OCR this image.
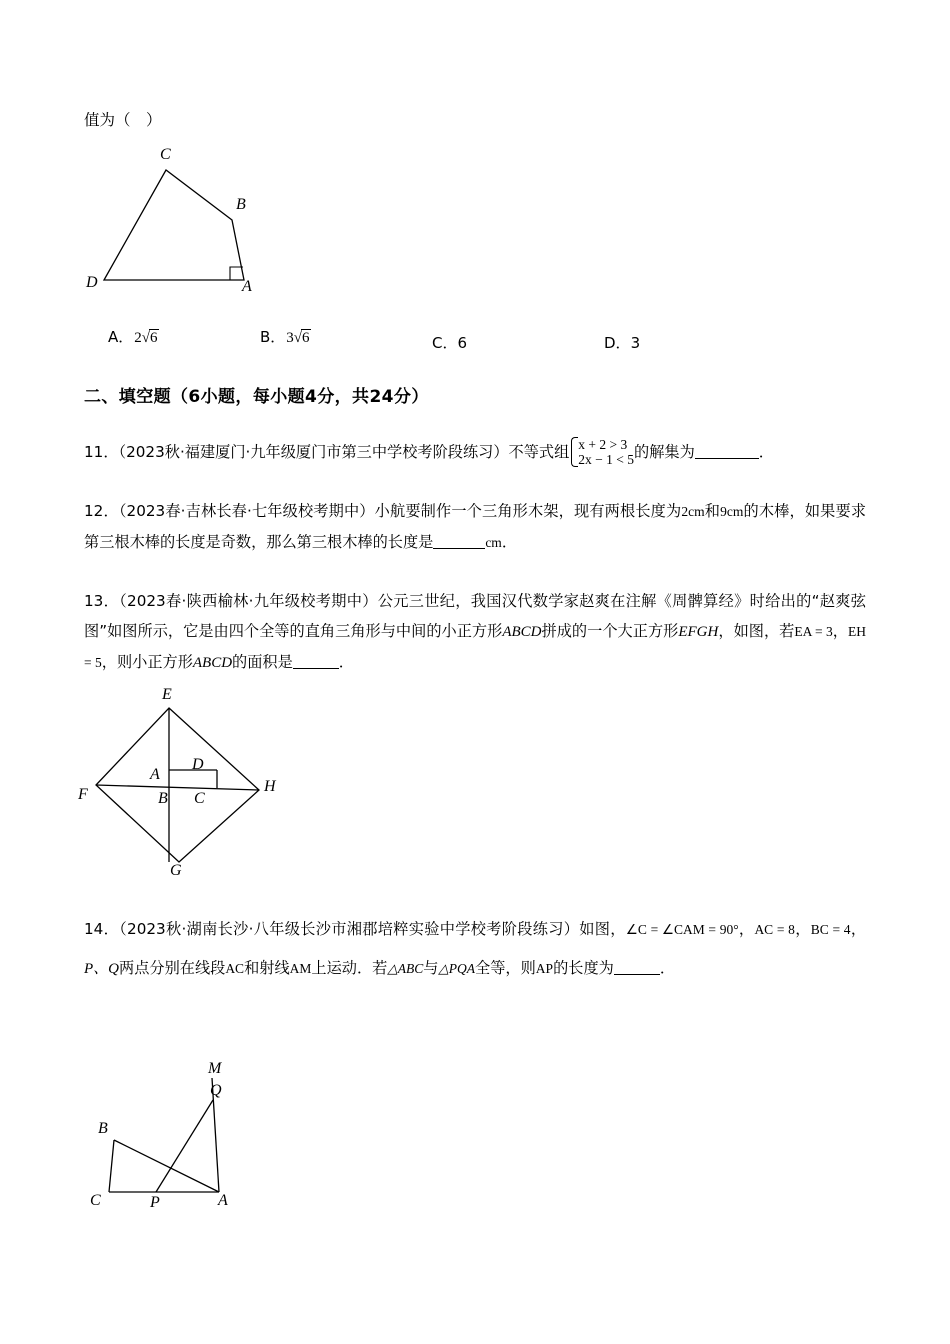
值为（　）
C
B
D	A
A．2√6	B．3√6	C．6	D．3
二、填空题（6小题，每小题4分，共24分）
11．（2023秋·福建厦门·九年级厦门市第三中学校考阶段练习）不等式组 x + 2 > 3
2x − 1 < 5 的解集为	．
12．（2023春·吉林长春·七年级校考期中）小航要制作一个三角形木架，现有两根长度为2cm和9cm的木棒，如果要求第三根木棒的长度是奇数，那么第三根木棒的长度是	cm．
13．（2023春·陕西榆林·九年级校考期中）公元三世纪，我国汉代数学家赵爽在注解《周髀算经》时给出的“赵爽弦图”如图所示，它是由四个全等的直角三角形与中间的小正方形ABCD拼成的一个大正方形EFGH，如图，若EA = 3，EH = 5，则小正方形ABCD的面积是	．
E
A
D
H
F	B C
G
14．（2023秋·湖南长沙·八年级长沙市湘郡培粹实验中学校考阶段练习）如图，∠C = ∠CAM = 90°，AC = 8，BC = 4，P、Q两点分别在线段AC和射线AM上运动．若△ABC与△PQA全等，则AP的长度为	．
M
Q
B
C	P	A
